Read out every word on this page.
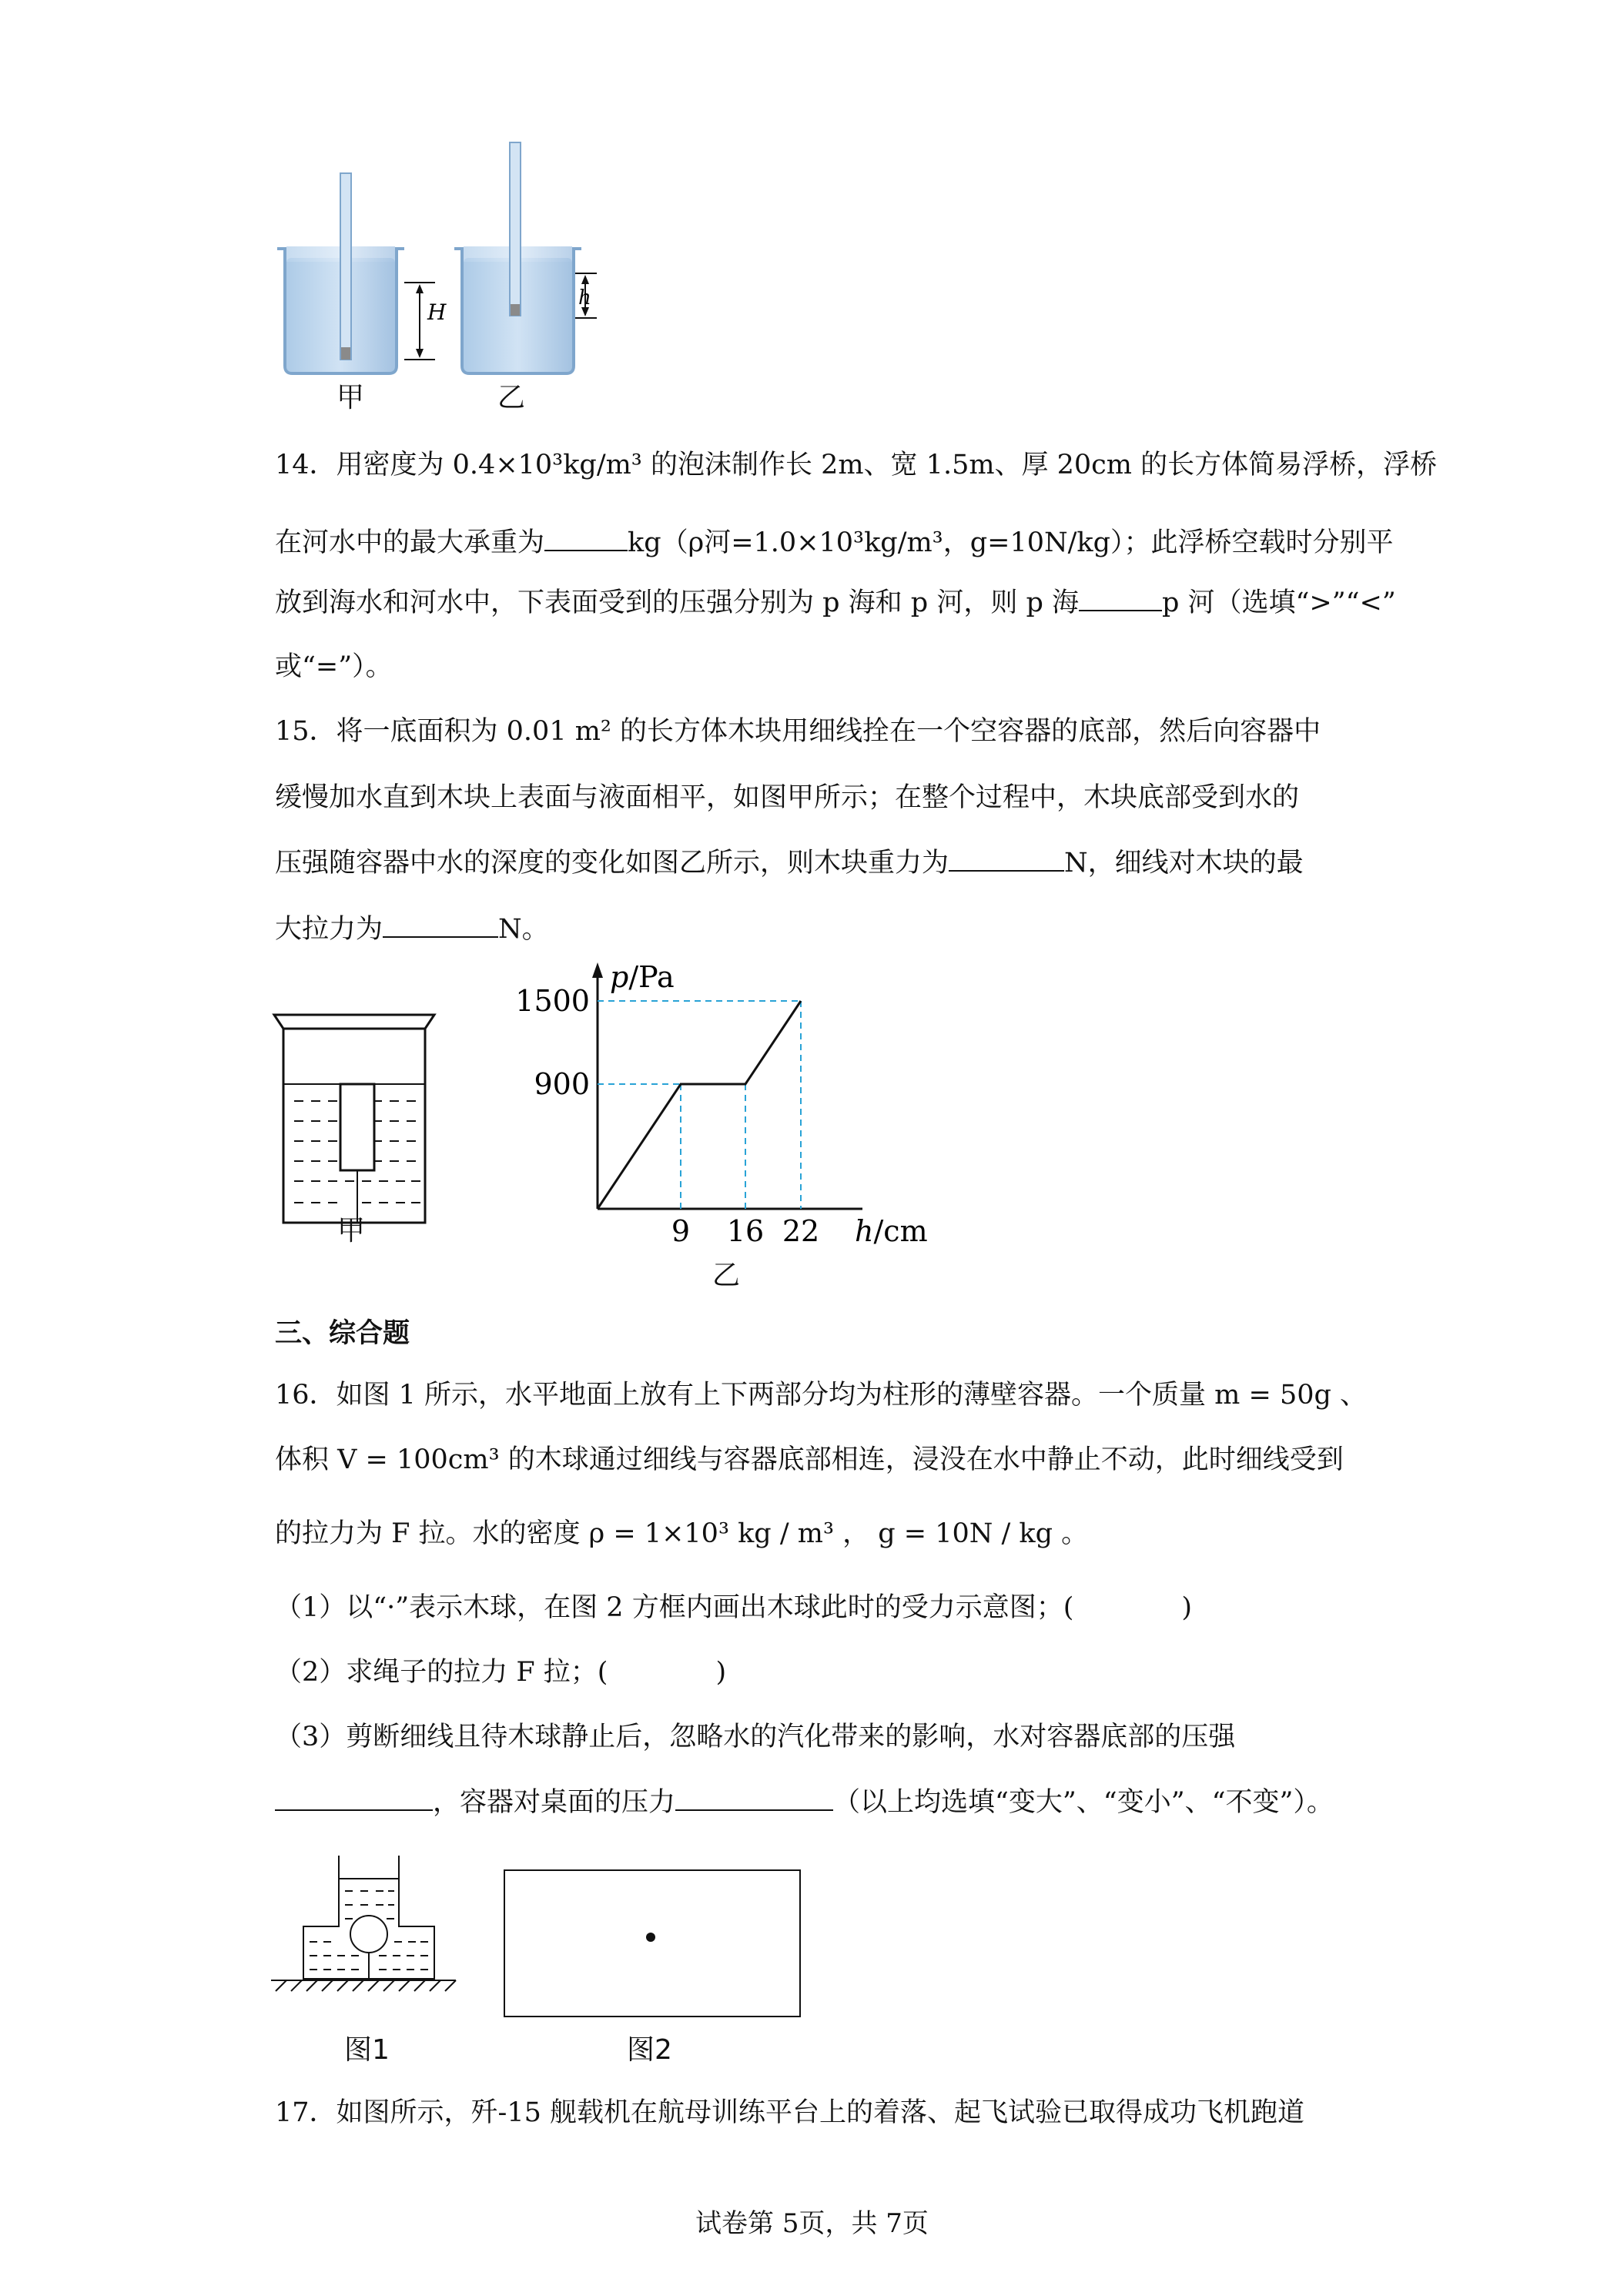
H
h
甲	乙
14．用密度为 0.4×10³kg/m³ 的泡沫制作长 2m、宽 1.5m、厚 20cm 的长方体简易浮桥，浮桥
在河水中的最大承重为	kg（ρ河=1.0×10³kg/m³，g=10N/kg）；此浮桥空载时分别平
放到海水和河水中，下表面受到的压强分别为 p 海和 p 河，则 p 海	p 河（选填“>”“<”
或“=”）。
15．将一底面积为 0.01 m² 的长方体木块用细线拴在一个空容器的底部，然后向容器中
缓慢加水直到木块上表面与液面相平，如图甲所示；在整个过程中，木块底部受到水的
压强随容器中水的深度的变化如图乙所示，则木块重力为	N，细线对木块的最
大拉力为	N。
甲
900
1500
9 16 22
p/Pa
h/cm
乙
三、综合题
16．如图 1 所示，水平地面上放有上下两部分均为柱形的薄壁容器。一个质量 m = 50g 、
体积 V = 100cm³ 的木球通过细线与容器底部相连，浸没在水中静止不动，此时细线受到
的拉力为 F 拉。水的密度 ρ = 1×10³ kg / m³ ， g = 10N / kg 。
（1）以“·”表示木球，在图 2 方框内画出木球此时的受力示意图；(　　　　)
（2）求绳子的拉力 F 拉；(　　　　)
（3）剪断细线且待木球静止后，忽略水的汽化带来的影响，水对容器底部的压强
，容器对桌面的压力	（以上均选填“变大”、“变小”、“不变”）。
图1	图2
17．如图所示，歼-15 舰载机在航母训练平台上的着落、起飞试验已取得成功飞机跑道
试卷第 5页，共 7页
